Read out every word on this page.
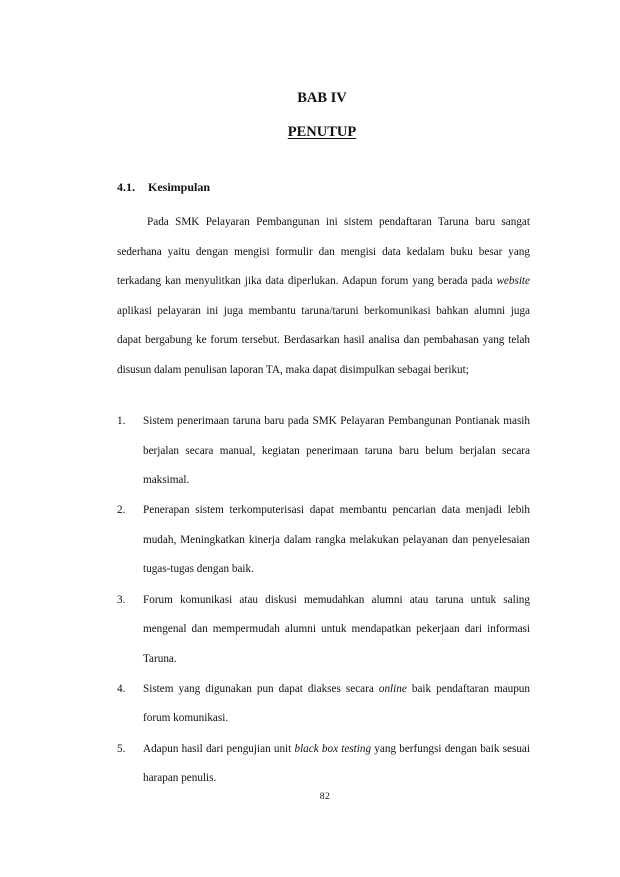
BAB IV
PENUTUP
4.1. Kesimpulan

Pada SMK Pelayaran Pembangunan ini sistem pendaftaran Taruna baru sangat sederhana yaitu dengan mengisi formulir dan mengisi data kedalam buku besar yang terkadang kan menyulitkan jika data diperlukan. Adapun forum yang berada pada website aplikasi pelayaran ini juga membantu taruna/taruni berkomunikasi bahkan alumni juga dapat bergabung ke forum tersebut. Berdasarkan hasil analisa dan pembahasan yang telah disusun dalam penulisan laporan TA, maka dapat disimpulkan sebagai berikut;

1. Sistem penerimaan taruna baru pada SMK Pelayaran Pembangunan Pontianak masih berjalan secara manual, kegiatan penerimaan taruna baru belum berjalan secara maksimal.
2. Penerapan sistem terkomputerisasi dapat membantu pencarian data menjadi lebih mudah, Meningkatkan kinerja dalam rangka melakukan pelayanan dan penyelesaian tugas-tugas dengan baik.
3. Forum komunikasi atau diskusi memudahkan alumni atau taruna untuk saling mengenal dan mempermudah alumni untuk mendapatkan pekerjaan dari informasi Taruna.
4. Sistem yang digunakan pun dapat diakses secara online baik pendaftaran maupun forum komunikasi.
5. Adapun hasil dari pengujian unit black box testing yang berfungsi dengan baik sesuai harapan penulis.
82
